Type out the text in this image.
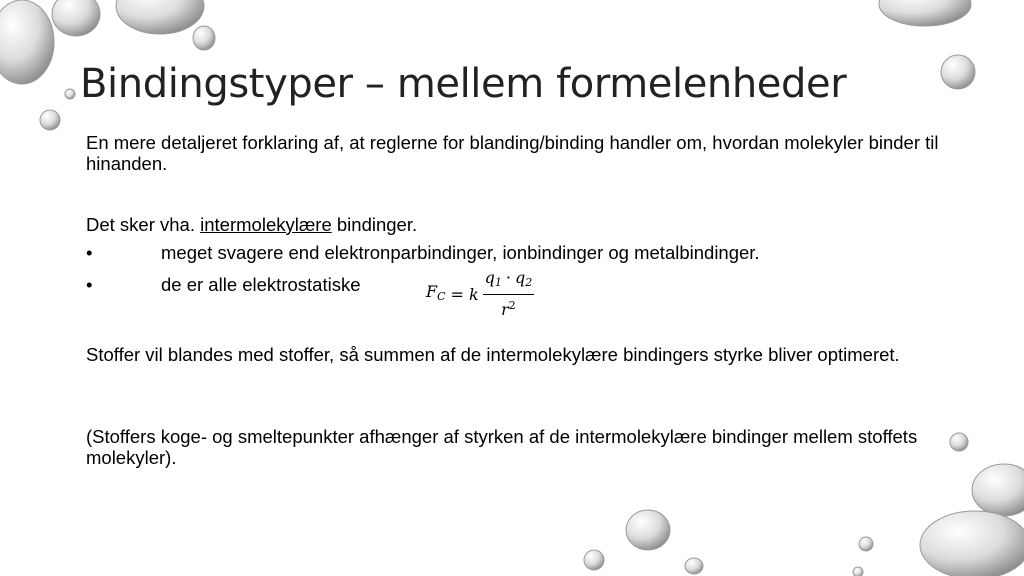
Bindingstyper – mellem formelenheder

En mere detaljeret forklaring af, at reglerne for blanding/binding handler om, hvordan molekyler binder til hinanden.

Det sker vha. intermolekylære bindinger.

•	meget svagere end elektronparbindinger, ionbindinger og metalbindinger.
•	de er alle elektrostatiske	$F_C = k \frac{q_1 \cdot q_2}{r^2}$

Stoffer vil blandes med stoffer, så summen af de intermolekylære bindingers styrke bliver optimeret.

(Stoffers koge- og smeltepunkter afhænger af styrken af de intermolekylære bindinger mellem stoffets molekyler).
